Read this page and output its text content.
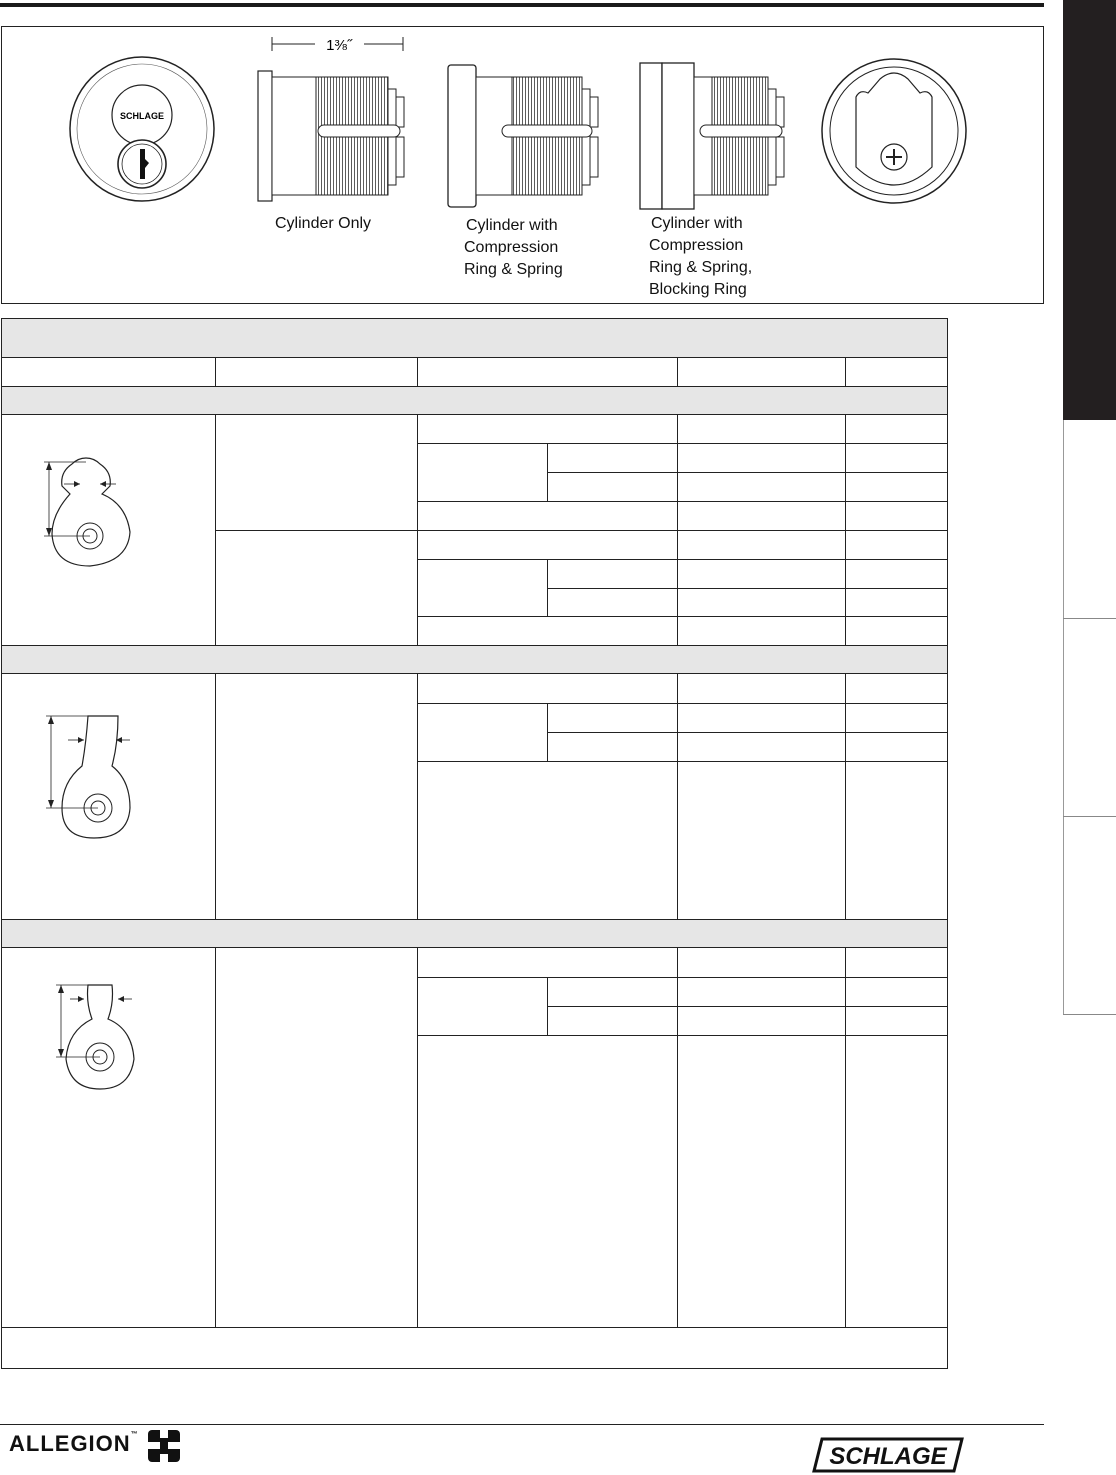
SCHLAGE
1⅜˝
Cylinder Only	Cylinder with
Compression
Ring & Spring
Cylinder with
Compression
Ring & Spring,
Blocking Ring
ALLEGION™
SCHLAGE
